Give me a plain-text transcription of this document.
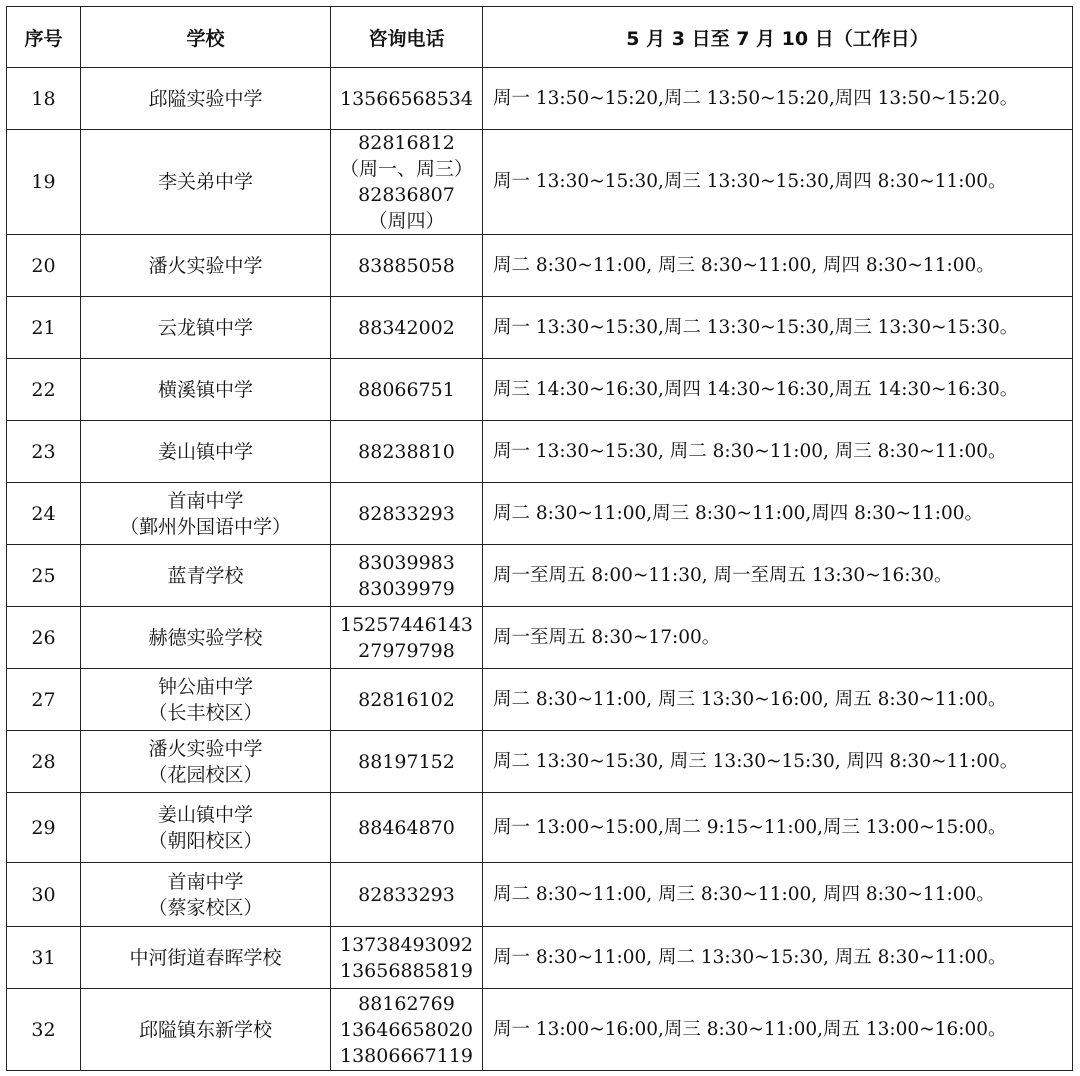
序号	学校	咨询电话	5 月 3 日至 7 月 10 日（工作日）
18	邱隘实验中学	13566568534	周一 13:50~15:20,周二 13:50~15:20,周四 13:50~15:20。
19	李关弟中学	82816812
（周一、周三）
82836807
（周四）	周一 13:30~15:30,周三 13:30~15:30,周四 8:30~11:00。
20	潘火实验中学	83885058	周二 8:30~11:00, 周三 8:30~11:00, 周四 8:30~11:00。
21	云龙镇中学	88342002	周一 13:30~15:30,周二 13:30~15:30,周三 13:30~15:30。
22	横溪镇中学	88066751	周三 14:30~16:30,周四 14:30~16:30,周五 14:30~16:30。
23	姜山镇中学	88238810	周一 13:30~15:30, 周二 8:30~11:00, 周三 8:30~11:00。
24	首南中学
（鄞州外国语中学）	82833293	周二 8:30~11:00,周三 8:30~11:00,周四 8:30~11:00。
25	蓝青学校	83039983
83039979	周一至周五 8:00~11:30, 周一至周五 13:30~16:30。
26	赫德实验学校	15257446143
27979798	周一至周五 8:30~17:00。
27	钟公庙中学
（长丰校区）	82816102	周二 8:30~11:00, 周三 13:30~16:00, 周五 8:30~11:00。
28	潘火实验中学
（花园校区）	88197152	周二 13:30~15:30, 周三 13:30~15:30, 周四 8:30~11:00。
29	姜山镇中学
（朝阳校区）	88464870	周一 13:00~15:00,周二 9:15~11:00,周三 13:00~15:00。
30	首南中学
（蔡家校区）	82833293	周二 8:30~11:00, 周三 8:30~11:00, 周四 8:30~11:00。
31	中河街道春晖学校	13738493092
13656885819	周一 8:30~11:00, 周二 13:30~15:30, 周五 8:30~11:00。
32	邱隘镇东新学校	88162769
13646658020
13806667119	周一 13:00~16:00,周三 8:30~11:00,周五 13:00~16:00。
